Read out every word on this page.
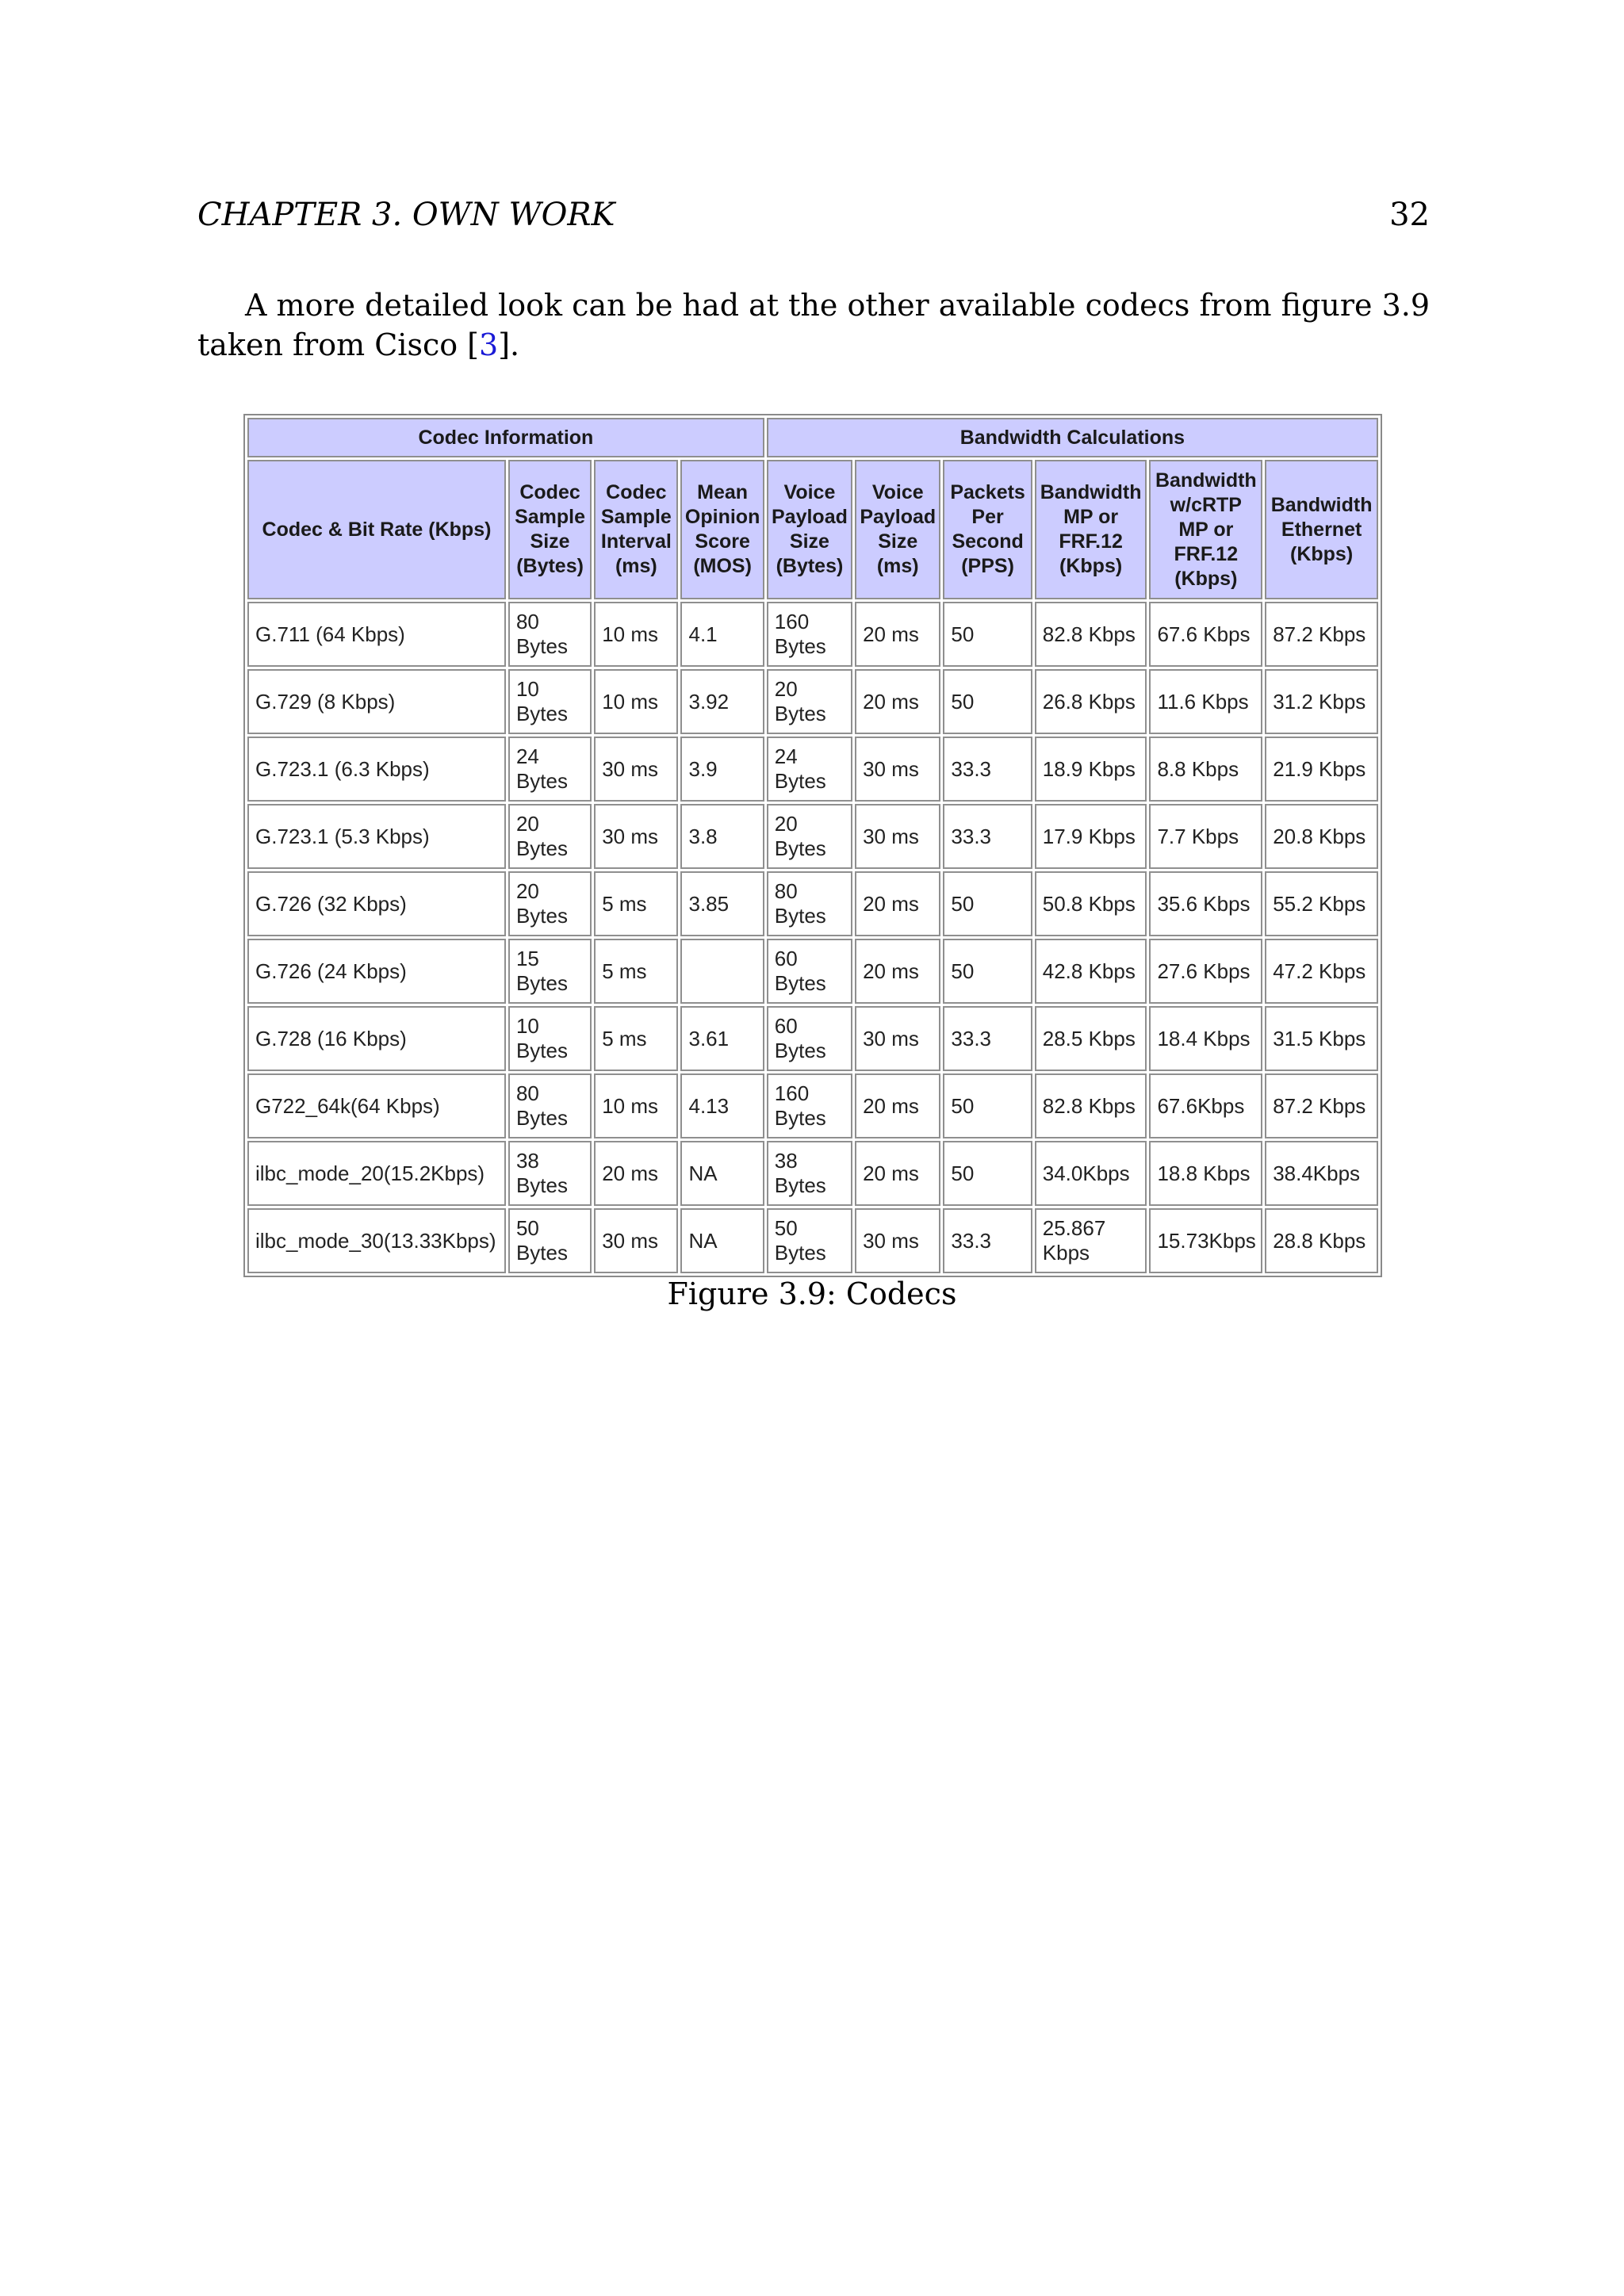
CHAPTER 3. OWN WORK	32

A more detailed look can be had at the other available codecs from figure 3.9 taken from Cisco [3].

Codec Information				Bandwidth Calculations					
Codec & Bit Rate (Kbps)	Codec Sample Size (Bytes)	Codec Sample Interval (ms)	Mean Opinion Score (MOS)	Voice Payload Size (Bytes)	Voice Payload Size (ms)	Packets Per Second (PPS)	Bandwidth MP or FRF.12 (Kbps)	Bandwidth w/cRTP MP or FRF.12 (Kbps)	Bandwidth Ethernet (Kbps)
G.711 (64 Kbps)	80 Bytes	10 ms	4.1	160 Bytes	20 ms	50	82.8 Kbps	67.6 Kbps	87.2 Kbps
G.729 (8 Kbps)	10 Bytes	10 ms	3.92	20 Bytes	20 ms	50	26.8 Kbps	11.6 Kbps	31.2 Kbps
G.723.1 (6.3 Kbps)	24 Bytes	30 ms	3.9	24 Bytes	30 ms	33.3	18.9 Kbps	8.8 Kbps	21.9 Kbps
G.723.1 (5.3 Kbps)	20 Bytes	30 ms	3.8	20 Bytes	30 ms	33.3	17.9 Kbps	7.7 Kbps	20.8 Kbps
G.726 (32 Kbps)	20 Bytes	5 ms	3.85	80 Bytes	20 ms	50	50.8 Kbps	35.6 Kbps	55.2 Kbps
G.726 (24 Kbps)	15 Bytes	5 ms		60 Bytes	20 ms	50	42.8 Kbps	27.6 Kbps	47.2 Kbps
G.728 (16 Kbps)	10 Bytes	5 ms	3.61	60 Bytes	30 ms	33.3	28.5 Kbps	18.4 Kbps	31.5 Kbps
G722_64k(64 Kbps)	80 Bytes	10 ms	4.13	160 Bytes	20 ms	50	82.8 Kbps	67.6Kbps	87.2 Kbps
ilbc_mode_20(15.2Kbps)	38 Bytes	20 ms	NA	38 Bytes	20 ms	50	34.0Kbps	18.8 Kbps	38.4Kbps
ilbc_mode_30(13.33Kbps)	50 Bytes	30 ms	NA	50 Bytes	30 ms	33.3	25.867 Kbps	15.73Kbps	28.8 Kbps
Figure 3.9: Codecs
